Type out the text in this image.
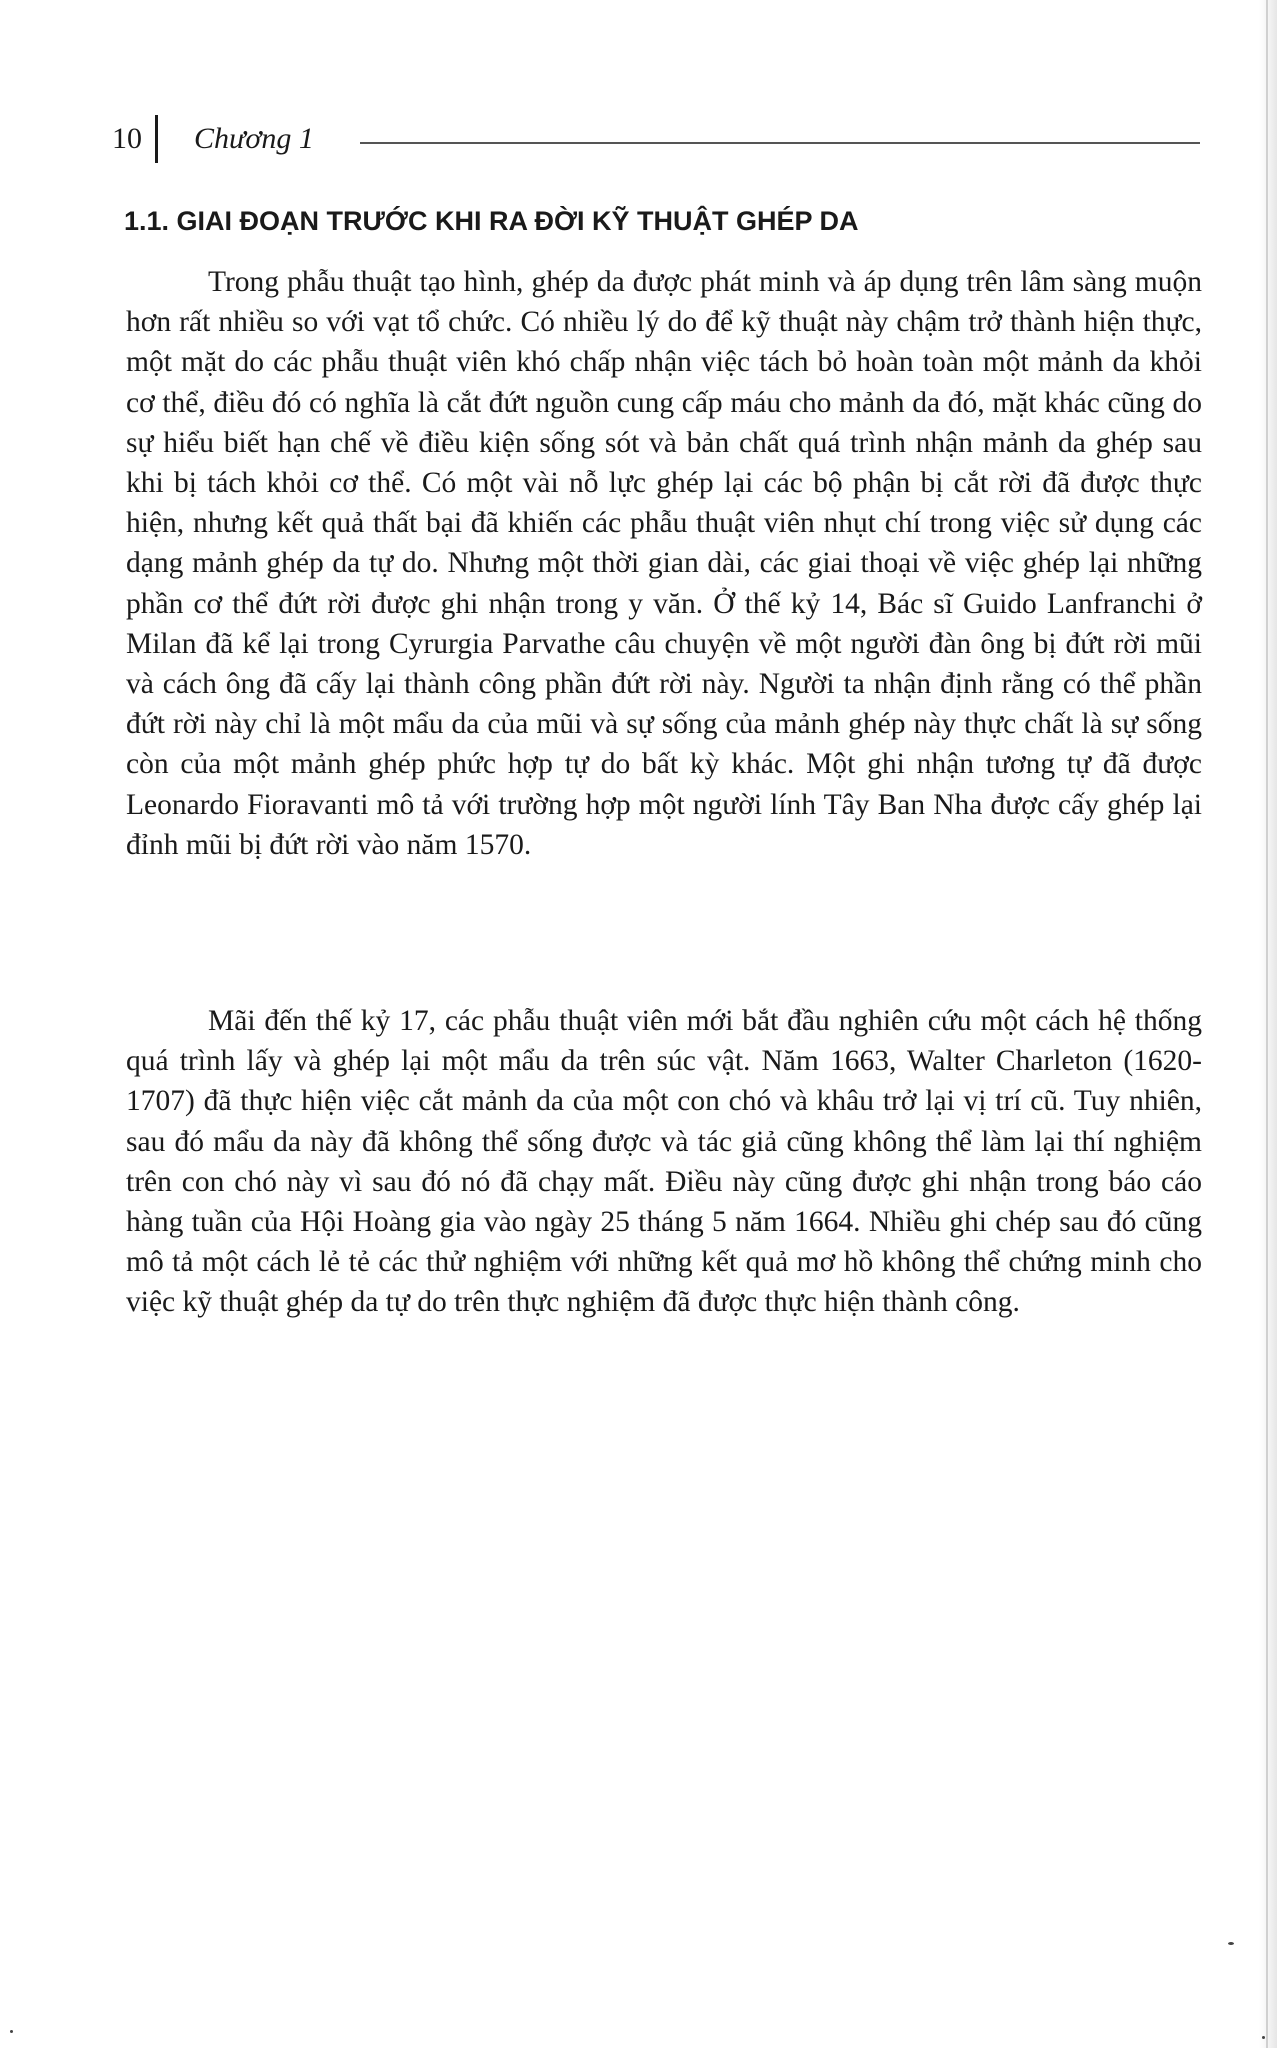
10 Chương 1
1.1. GIAI ĐOẠN TRƯỚC KHI RA ĐỜI KỸ THUẬT GHÉP DA

Trong phẫu thuật tạo hình, ghép da được phát minh và áp dụng trên lâm sàng muộn hơn rất nhiều so với vạt tổ chức. Có nhiều lý do để kỹ thuật này chậm trở thành hiện thực, một mặt do các phẫu thuật viên khó chấp nhận việc tách bỏ hoàn toàn một mảnh da khỏi cơ thể, điều đó có nghĩa là cắt đứt nguồn cung cấp máu cho mảnh da đó, mặt khác cũng do sự hiểu biết hạn chế về điều kiện sống sót và bản chất quá trình nhận mảnh da ghép sau khi bị tách khỏi cơ thể. Có một vài nỗ lực ghép lại các bộ phận bị cắt rời đã được thực hiện, nhưng kết quả thất bại đã khiến các phẫu thuật viên nhụt chí trong việc sử dụng các dạng mảnh ghép da tự do. Nhưng một thời gian dài, các giai thoại về việc ghép lại những phần cơ thể đứt rời được ghi nhận trong y văn. Ở thế kỷ 14, Bác sĩ Guido Lanfranchi ở Milan đã kể lại trong Cyrurgia Parvathe câu chuyện về một người đàn ông bị đứt rời mũi và cách ông đã cấy lại thành công phần đứt rời này. Người ta nhận định rằng có thể phần đứt rời này chỉ là một mẩu da của mũi và sự sống của mảnh ghép này thực chất là sự sống còn của một mảnh ghép phức hợp tự do bất kỳ khác. Một ghi nhận tương tự đã được Leonardo Fioravanti mô tả với trường hợp một người lính Tây Ban Nha được cấy ghép lại đỉnh mũi bị đứt rời vào năm 1570.

Mãi đến thế kỷ 17, các phẫu thuật viên mới bắt đầu nghiên cứu một cách hệ thống quá trình lấy và ghép lại một mẩu da trên súc vật. Năm 1663, Walter Charleton (1620-1707) đã thực hiện việc cắt mảnh da của một con chó và khâu trở lại vị trí cũ. Tuy nhiên, sau đó mẩu da này đã không thể sống được và tác giả cũng không thể làm lại thí nghiệm trên con chó này vì sau đó nó đã chạy mất. Điều này cũng được ghi nhận trong báo cáo hàng tuần của Hội Hoàng gia vào ngày 25 tháng 5 năm 1664. Nhiều ghi chép sau đó cũng mô tả một cách lẻ tẻ các thử nghiệm với những kết quả mơ hồ không thể chứng minh cho việc kỹ thuật ghép da tự do trên thực nghiệm đã được thực hiện thành công.
